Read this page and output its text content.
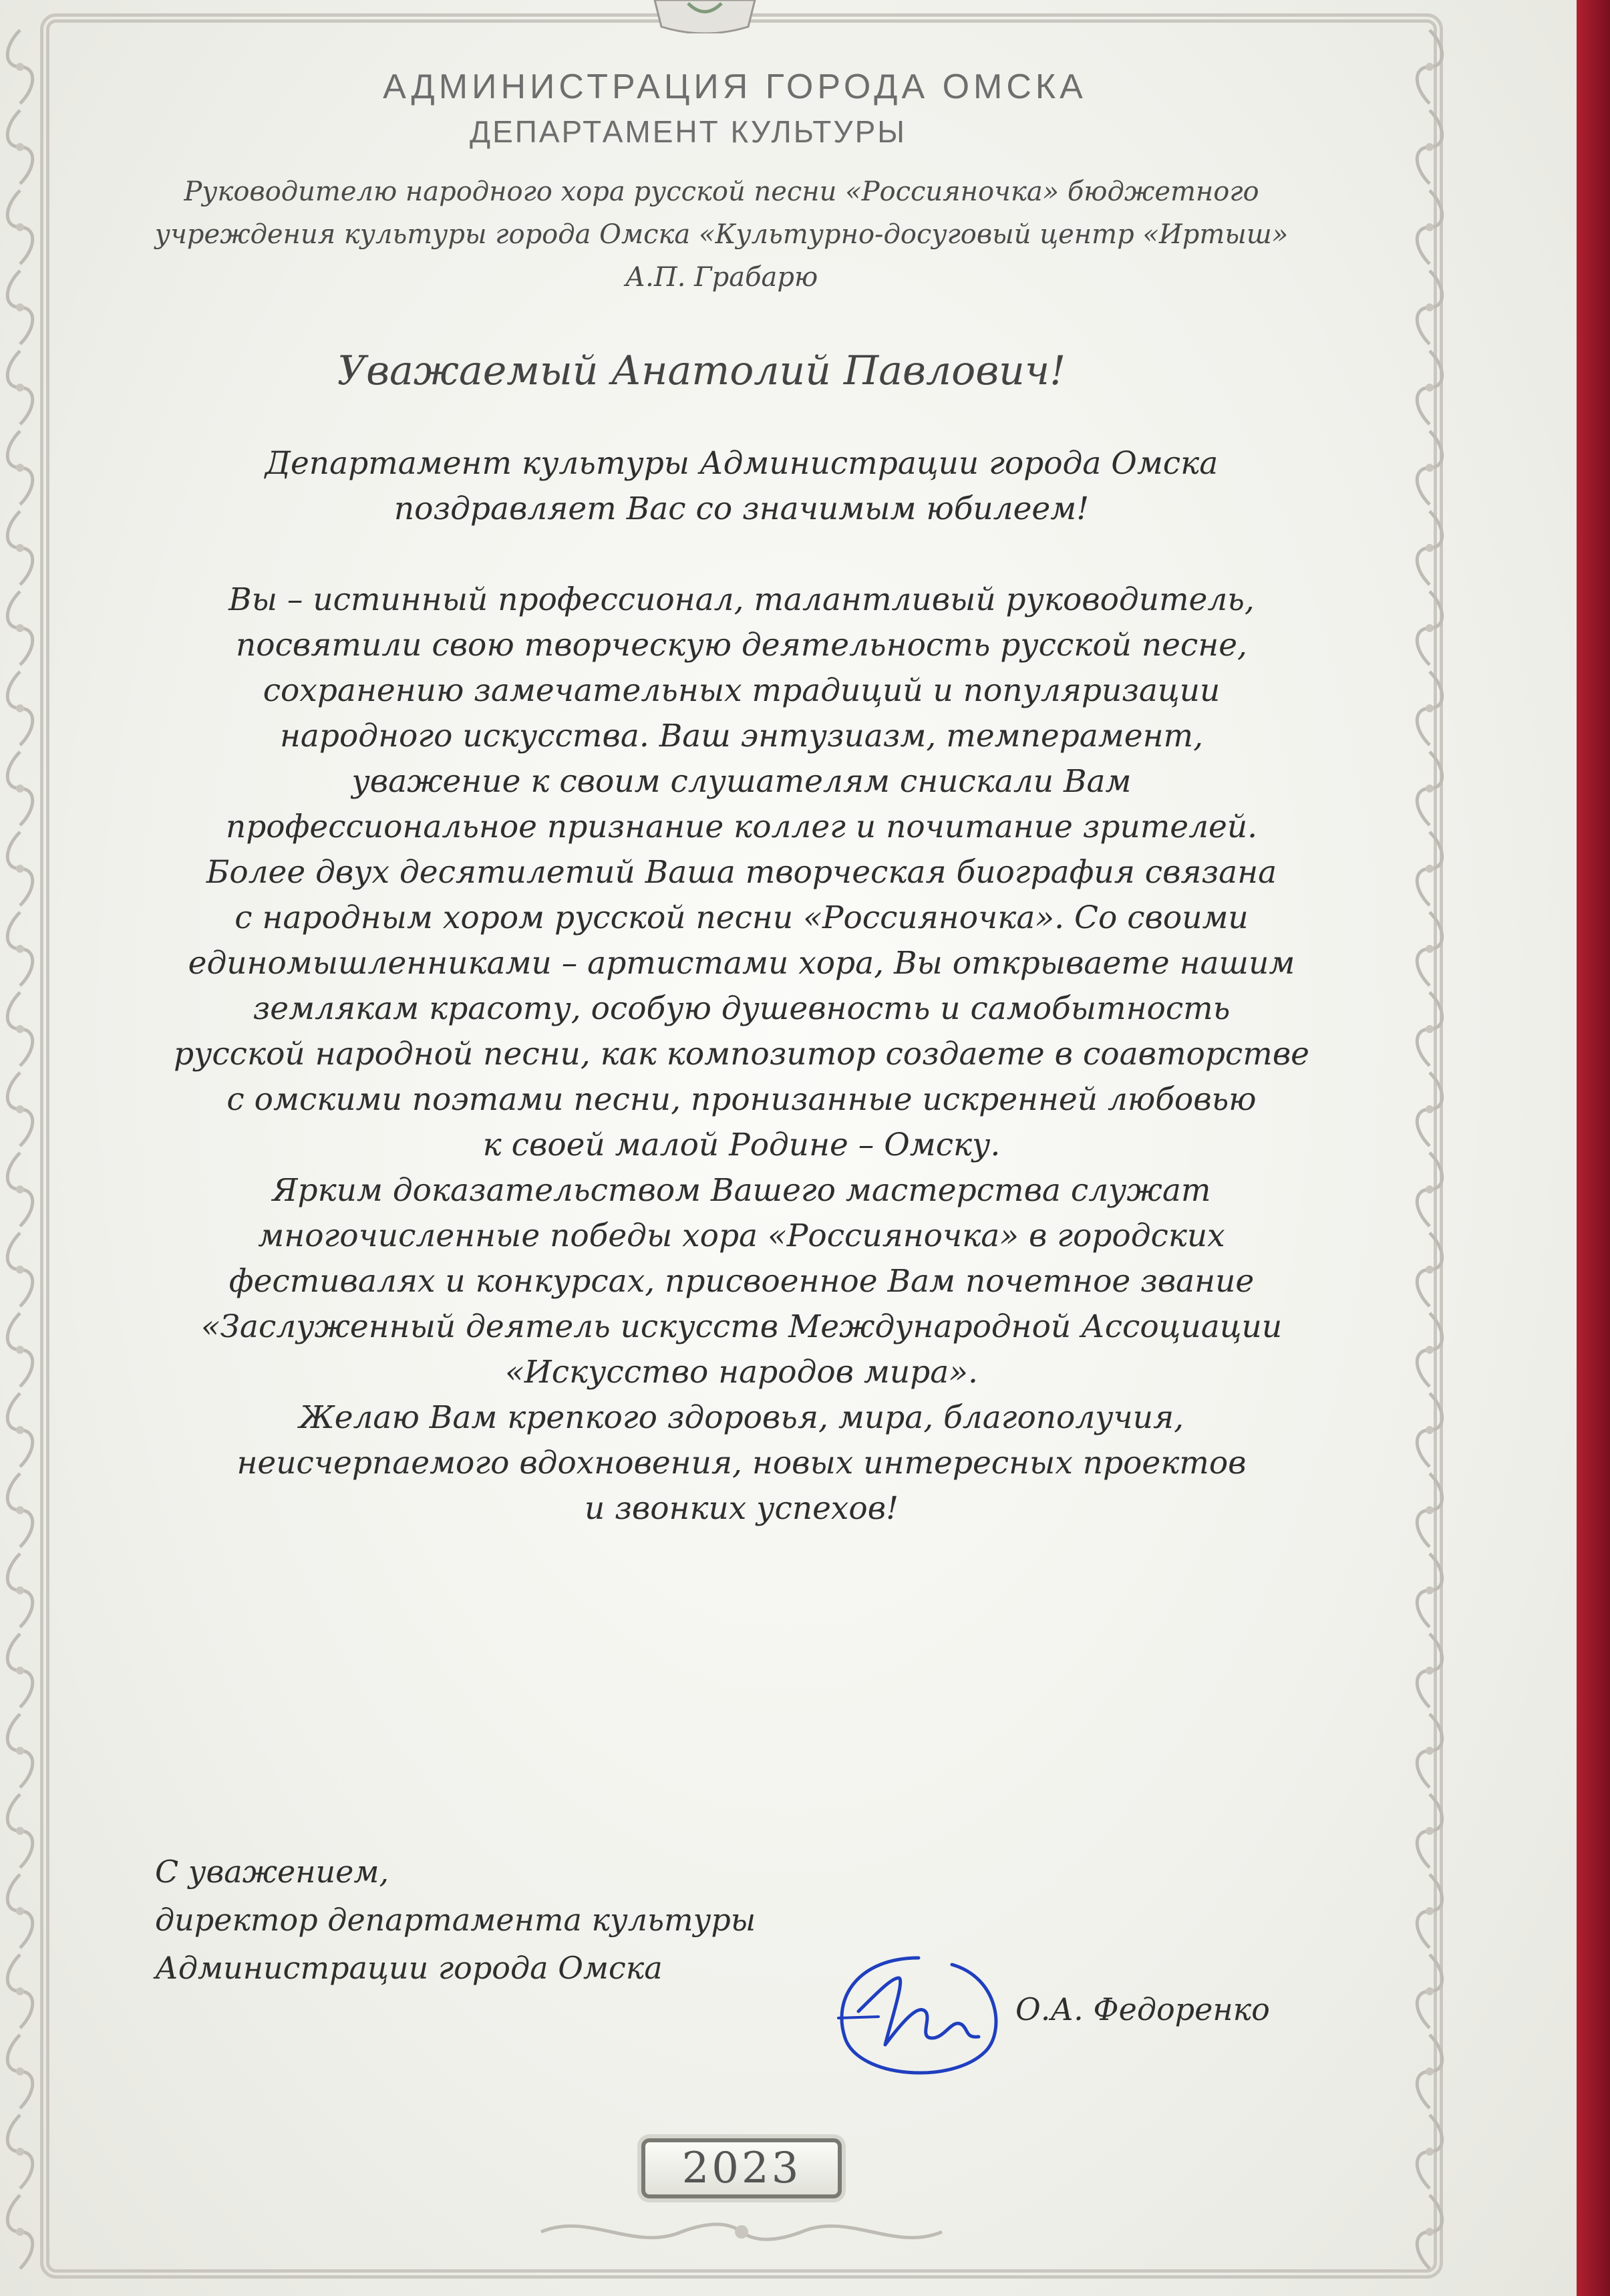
АДМИНИСТРАЦИЯ ГОРОДА ОМСКА
ДЕПАРТАМЕНТ КУЛЬТУРЫ
Руководителю народного хора русской песни «Россияночка» бюджетного
учреждения культуры города Омска «Культурно-досуговый центр «Иртыш»
А.П. Грабарю
Уважаемый Анатолий Павлович!
Департамент культуры Администрации города Омска
поздравляет Вас со значимым юбилеем!
Вы – истинный профессионал, талантливый руководитель,
посвятили свою творческую деятельность русской песне,
сохранению замечательных традиций и популяризации
народного искусства. Ваш энтузиазм, темперамент,
уважение к своим слушателям снискали Вам
профессиональное признание коллег и почитание зрителей.
Более двух десятилетий Ваша творческая биография связана
с народным хором русской песни «Россияночка». Со своими
единомышленниками – артистами хора, Вы открываете нашим
землякам красоту, особую душевность и самобытность
русской народной песни, как композитор создаете в соавторстве
с омскими поэтами песни, пронизанные искренней любовью
к своей малой Родине – Омску.
Ярким доказательством Вашего мастерства служат
многочисленные победы хора «Россияночка» в городских
фестивалях и конкурсах, присвоенное Вам почетное звание
«Заслуженный деятель искусств Международной Ассоциации
«Искусство народов мира».
Желаю Вам крепкого здоровья, мира, благополучия,
неисчерпаемого вдохновения, новых интересных проектов
и звонких успехов!
С уважением,
директор департамента культуры
Администрации города Омска
О.А. Федоренко
2023
